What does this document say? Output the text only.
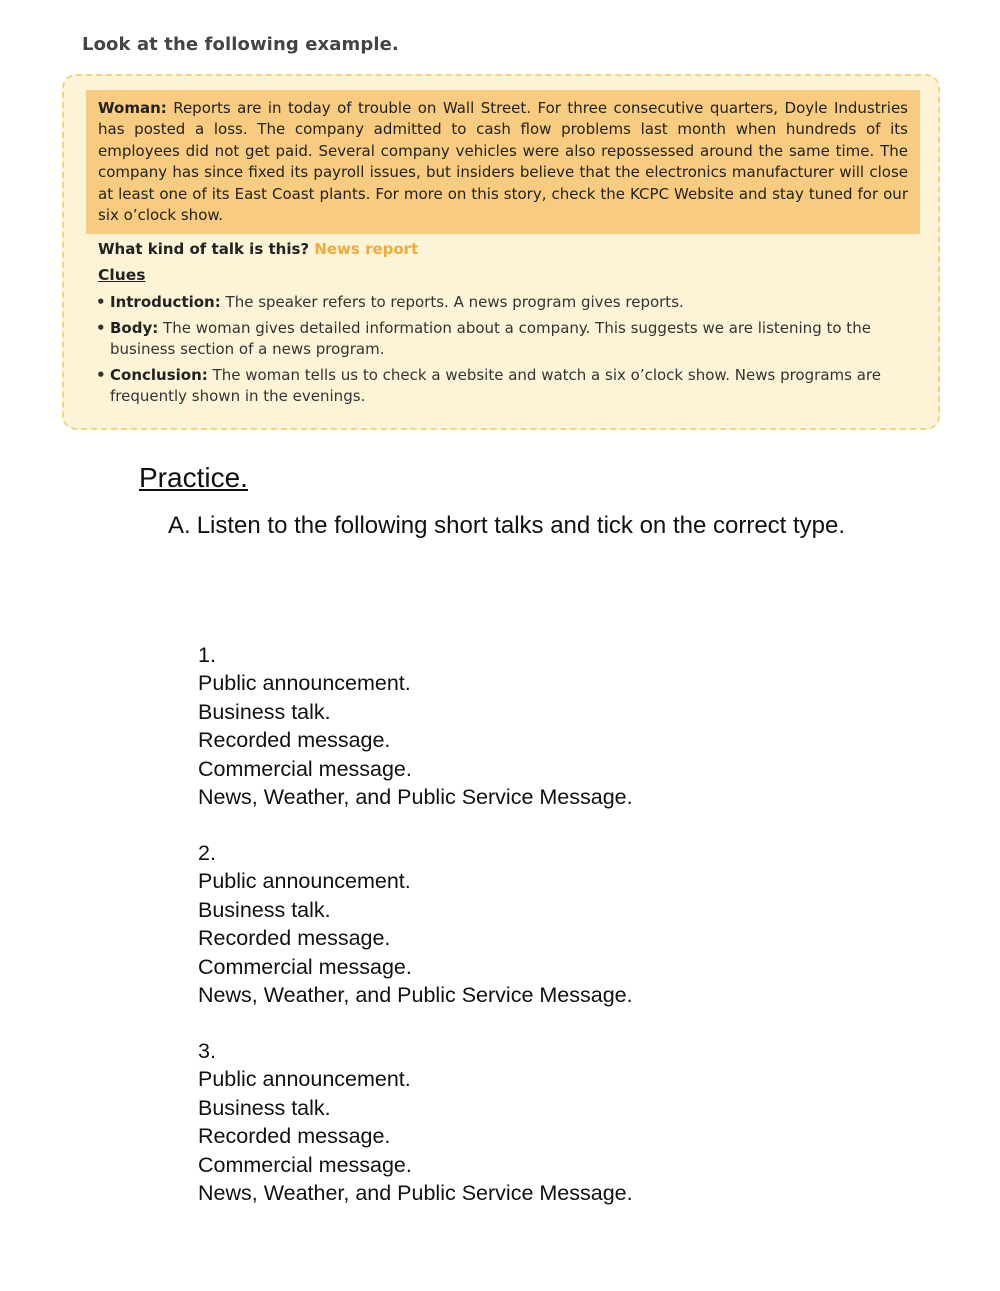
Look at the following example.
Woman: Reports are in today of trouble on Wall Street. For three consecutive quarters, Doyle Industries has posted a loss. The company admitted to cash flow problems last month when hundreds of its employees did not get paid. Several company vehicles were also repossessed around the same time. The company has since fixed its payroll issues, but insiders believe that the electronics manufacturer will close at least one of its East Coast plants. For more on this story, check the KCPC Website and stay tuned for our six o’clock show.
What kind of talk is this? News report
Clues
• Introduction: The speaker refers to reports. A news program gives reports.
• Body: The woman gives detailed information about a company. This suggests we are listening to the business section of a news program.
• Conclusion: The woman tells us to check a website and watch a six o’clock show. News programs are frequently shown in the evenings.
Practice.
A. Listen to the following short talks and tick on the correct type.
1.
Public announcement.
Business talk.
Recorded message.
Commercial message.
News, Weather, and Public Service Message.
2.
Public announcement.
Business talk.
Recorded message.
Commercial message.
News, Weather, and Public Service Message.
3.
Public announcement.
Business talk.
Recorded message.
Commercial message.
News, Weather, and Public Service Message.
